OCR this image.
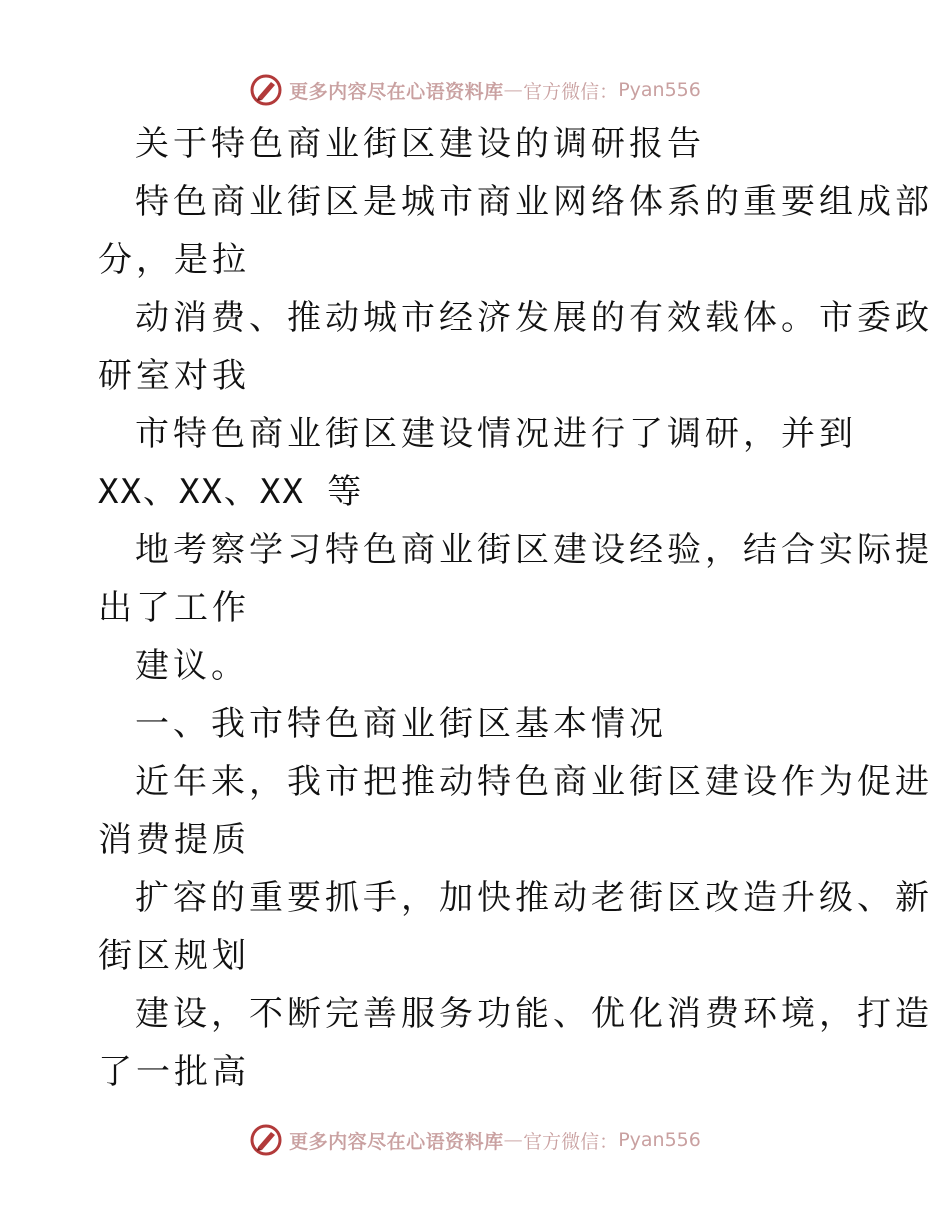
更多内容尽在心语资料库 — 官方微信： Pyan556
关于特色商业街区建设的调研报告
特色商业街区是城市商业网络体系的重要组成部
分，是拉
动消费、推动城市经济发展的有效载体。市委政
研室对我
市特色商业街区建设情况进行了调研，并到
XX、XX、XX 等
地考察学习特色商业街区建设经验，结合实际提
出了工作
建议。
一、我市特色商业街区基本情况
近年来，我市把推动特色商业街区建设作为促进
消费提质
扩容的重要抓手，加快推动老街区改造升级、新
街区规划
建设，不断完善服务功能、优化消费环境，打造
了一批高
更多内容尽在心语资料库 — 官方微信： Pyan556
